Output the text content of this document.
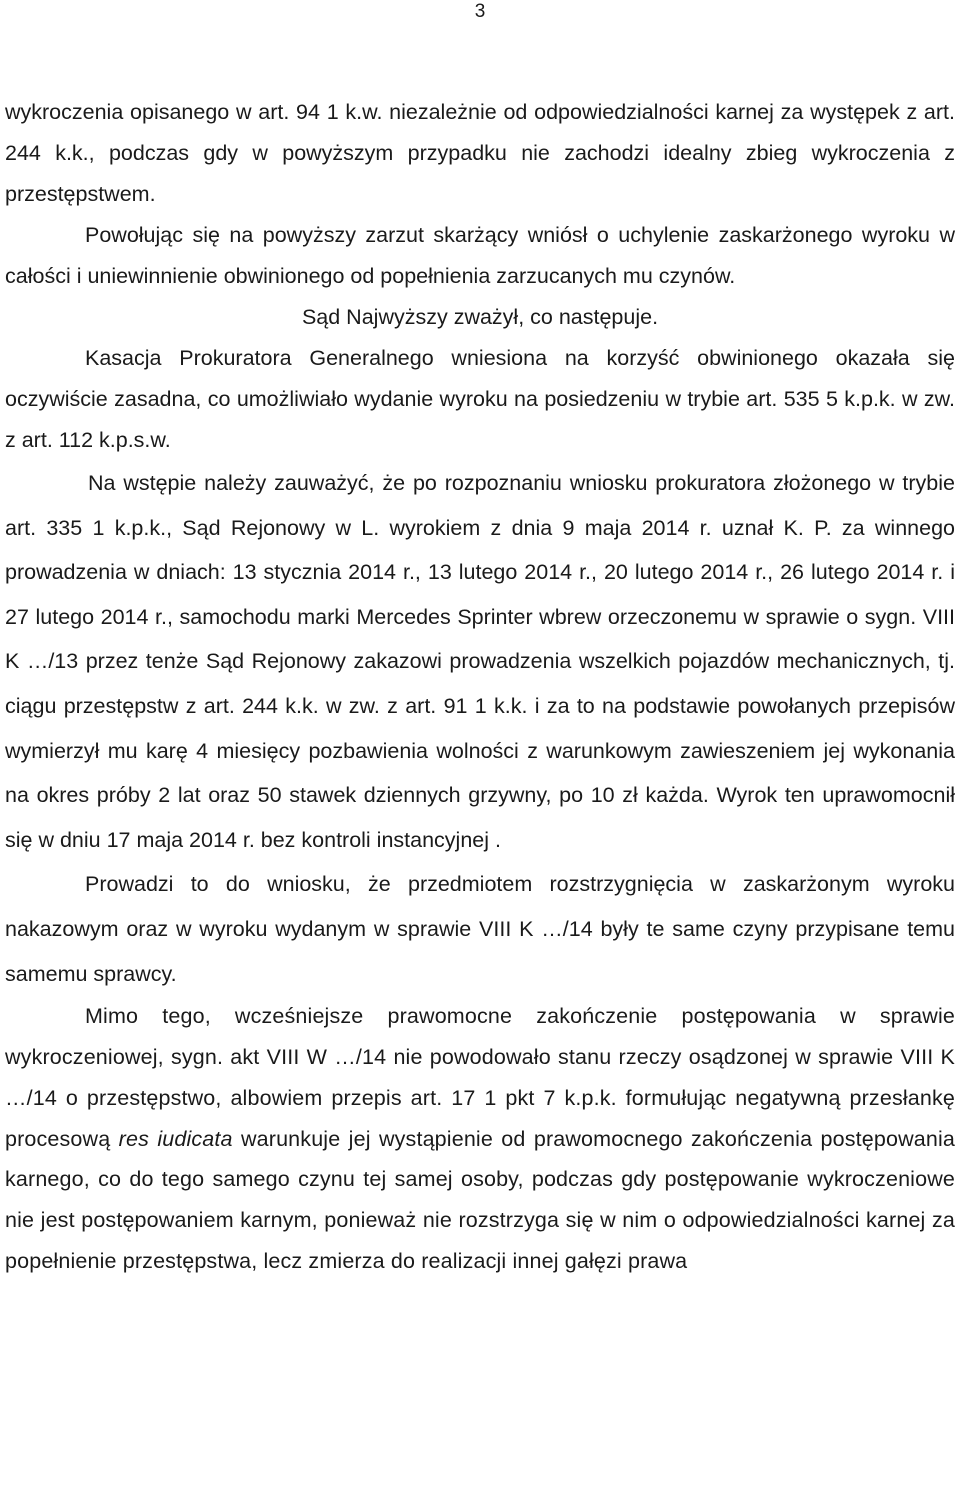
3

wykroczenia opisanego w art. 94 1 k.w. niezależnie od odpowiedzialności karnej za występek z art. 244 k.k., podczas gdy w powyższym przypadku nie zachodzi idealny zbieg wykroczenia z przestępstwem.

Powołując się na powyższy zarzut skarżący wniósł o uchylenie zaskarżonego wyroku w całości i uniewinnienie obwinionego od popełnienia zarzucanych mu czynów.

Sąd Najwyższy zważył, co następuje.

Kasacja Prokuratora Generalnego wniesiona na korzyść obwinionego okazała się oczywiście zasadna, co umożliwiało wydanie wyroku na posiedzeniu w trybie art. 535 5 k.p.k. w zw. z art. 112 k.p.s.w.

Na wstępie należy zauważyć, że po rozpoznaniu wniosku prokuratora złożonego w trybie art. 335 1 k.p.k., Sąd Rejonowy w L. wyrokiem z dnia 9 maja 2014 r. uznał K. P. za winnego prowadzenia w dniach: 13 stycznia 2014 r., 13 lutego 2014 r., 20 lutego 2014 r., 26 lutego 2014 r. i 27 lutego 2014 r., samochodu marki Mercedes Sprinter wbrew orzeczonemu w sprawie o sygn. VIII K …/13 przez tenże Sąd Rejonowy zakazowi prowadzenia wszelkich pojazdów mechanicznych, tj. ciągu przestępstw z art. 244 k.k. w zw. z art. 91 1 k.k. i za to na podstawie powołanych przepisów wymierzył mu karę 4 miesięcy pozbawienia wolności z warunkowym zawieszeniem jej wykonania na okres próby 2 lat oraz 50 stawek dziennych grzywny, po 10 zł każda. Wyrok ten uprawomocnił się w dniu 17 maja 2014 r. bez kontroli instancyjnej .

Prowadzi to do wniosku, że przedmiotem rozstrzygnięcia w zaskarżonym wyroku nakazowym oraz w wyroku wydanym w sprawie VIII K …/14 były te same czyny przypisane temu samemu sprawcy.

Mimo tego, wcześniejsze prawomocne zakończenie postępowania w sprawie wykroczeniowej, sygn. akt VIII W …/14 nie powodowało stanu rzeczy osądzonej w sprawie VIII K …/14 o przestępstwo, albowiem przepis art. 17 1 pkt 7 k.p.k. formułując negatywną przesłankę procesową res iudicata warunkuje jej wystąpienie od prawomocnego zakończenia postępowania karnego, co do tego samego czynu tej samej osoby, podczas gdy postępowanie wykroczeniowe nie jest postępowaniem karnym, ponieważ nie rozstrzyga się w nim o odpowiedzialności karnej za popełnienie przestępstwa, lecz zmierza do realizacji innej gałęzi prawa
